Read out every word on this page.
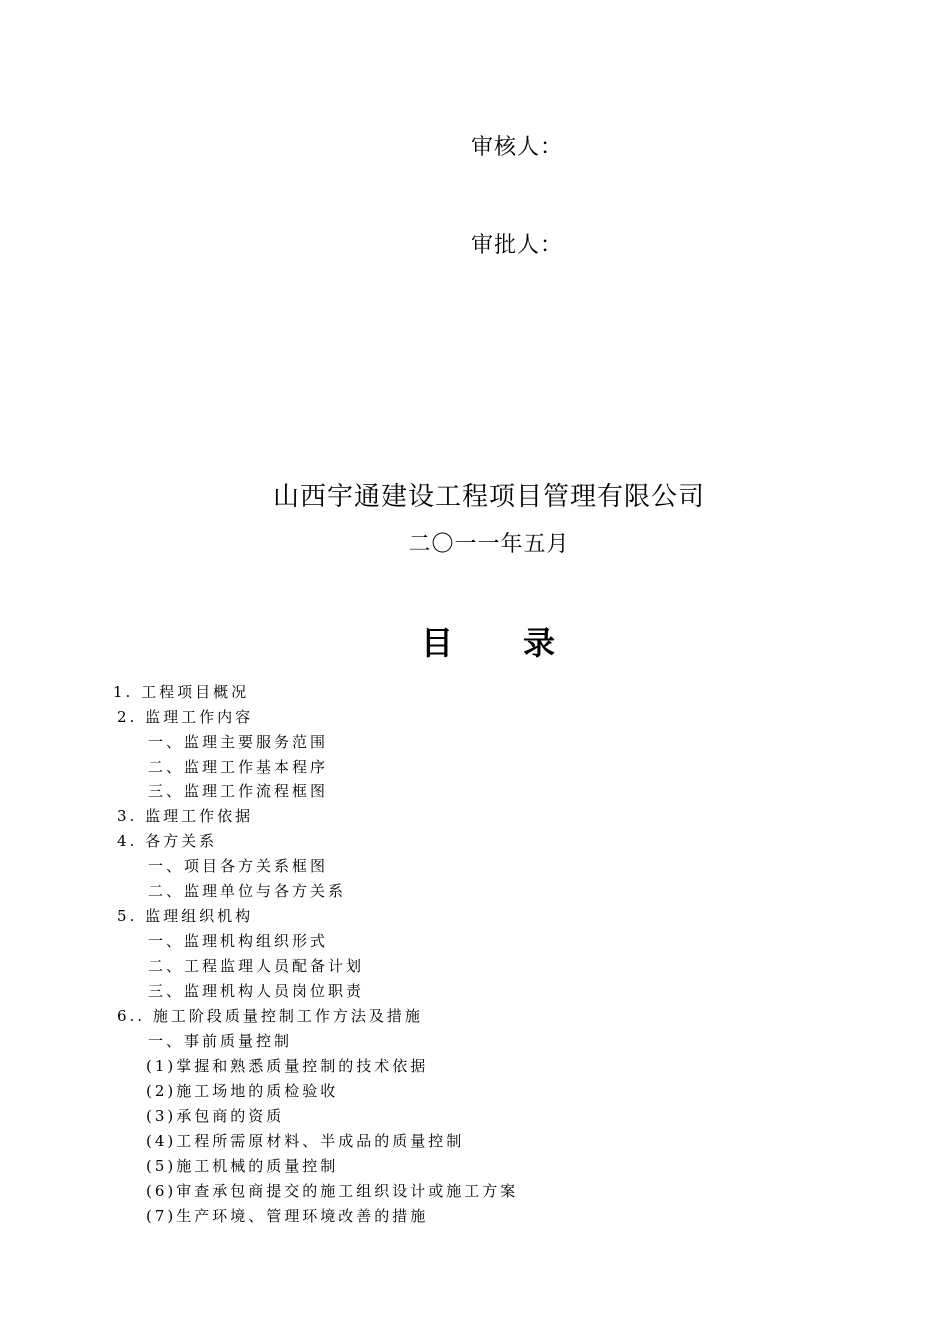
审核人：
审批人：
山西宇通建设工程项目管理有限公司
二〇一一年五月
目 录
1. 工程项目概况
2. 监理工作内容
一、监理主要服务范围
二、监理工作基本程序
三、监理工作流程框图
3. 监理工作依据
4. 各方关系
一、项目各方关系框图
二、监理单位与各方关系
5. 监理组织机构
一、监理机构组织形式
二、工程监理人员配备计划
三、监理机构人员岗位职责
6.. 施工阶段质量控制工作方法及措施
一、事前质量控制
(1)掌握和熟悉质量控制的技术依据
(2)施工场地的质检验收
(3)承包商的资质
(4)工程所需原材料、半成品的质量控制
(5)施工机械的质量控制
(6)审查承包商提交的施工组织设计或施工方案
(7)生产环境、管理环境改善的措施
